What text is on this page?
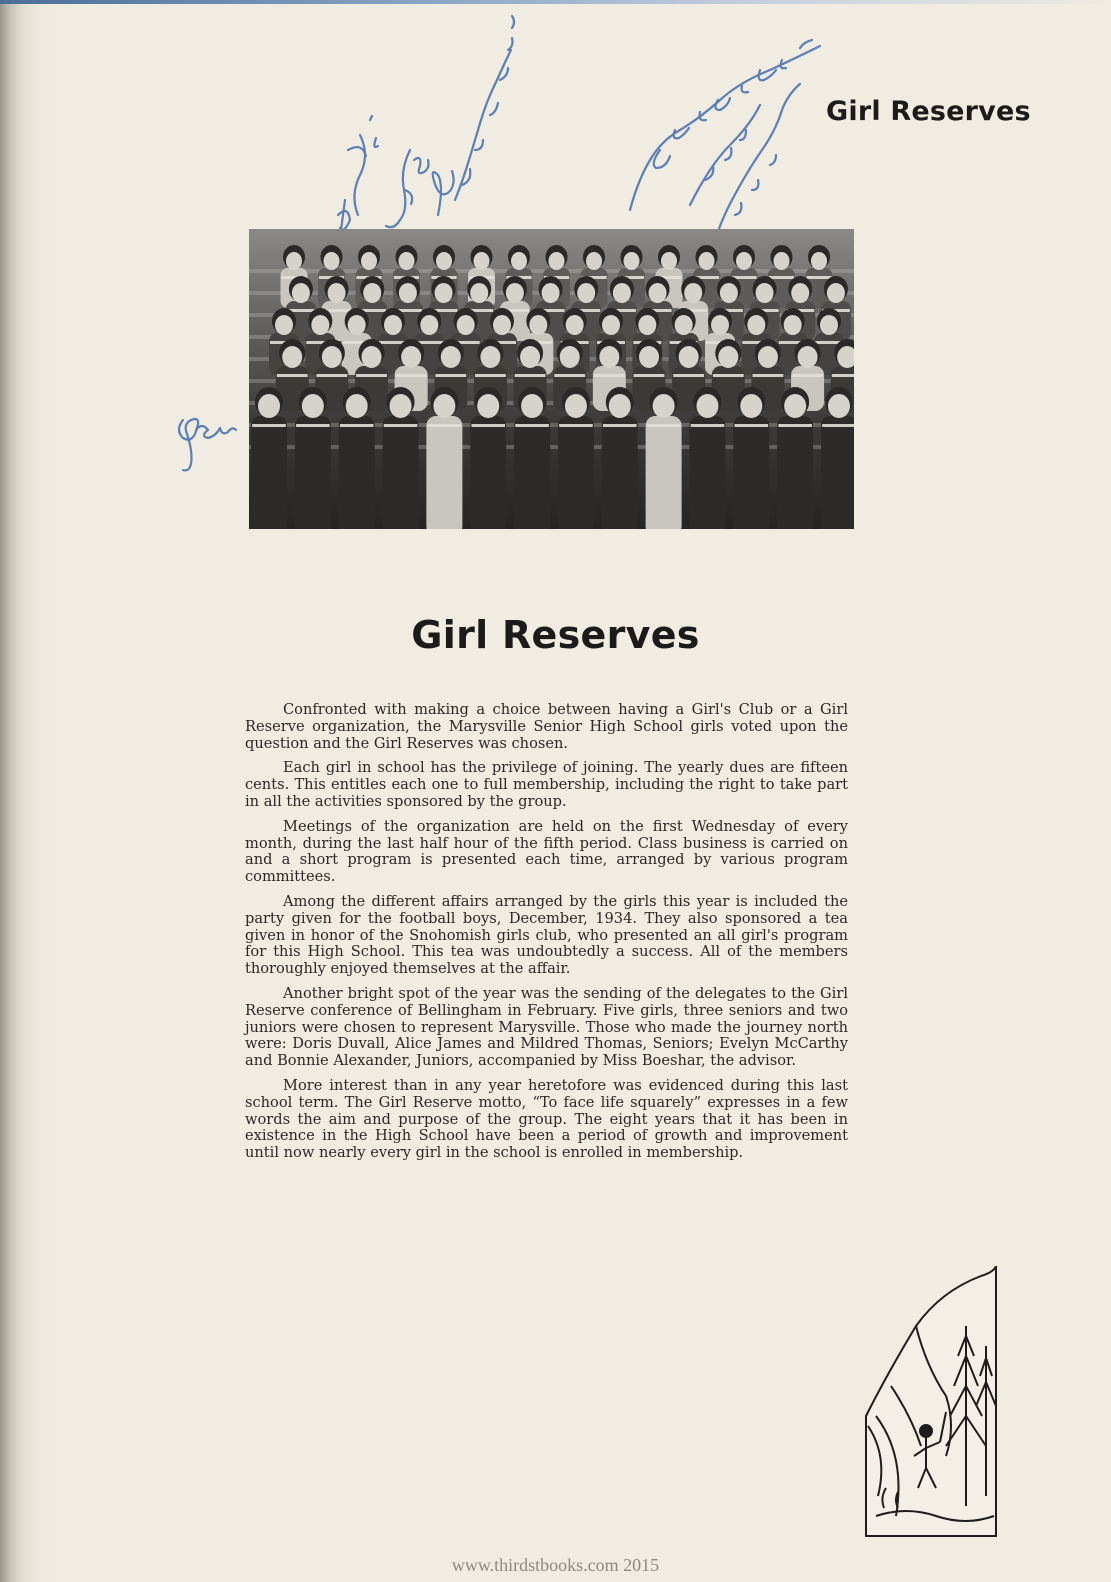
Girl Reserves
Girl Reserves

Confronted with making a choice between having a Girl's Club or a Girl Reserve organization, the Marysville Senior High School girls voted upon the question and the Girl Reserves was chosen.

Each girl in school has the privilege of joining. The yearly dues are fifteen cents. This entitles each one to full membership, including the right to take part in all the activities sponsored by the group.

Meetings of the organization are held on the first Wednesday of every month, during the last half hour of the fifth period. Class business is carried on and a short program is presented each time, arranged by various program committees.

Among the different affairs arranged by the girls this year is included the party given for the football boys, December, 1934. They also sponsored a tea given in honor of the Snohomish girls club, who presented an all girl's program for this High School. This tea was undoubtedly a success. All of the members thoroughly enjoyed themselves at the affair.

Another bright spot of the year was the sending of the delegates to the Girl Reserve conference of Bellingham in February. Five girls, three seniors and two juniors were chosen to represent Marysville. Those who made the journey north were: Doris Duvall, Alice James and Mildred Thomas, Seniors; Evelyn McCarthy and Bonnie Alexander, Juniors, accompanied by Miss Boeshar, the advisor.

More interest than in any year heretofore was evidenced during this last school term. The Girl Reserve motto, “To face life squarely” expresses in a few words the aim and purpose of the group. The eight years that it has been in existence in the High School have been a period of growth and improvement until now nearly every girl in the school is enrolled in membership.

www.thirdstbooks.com 2015
